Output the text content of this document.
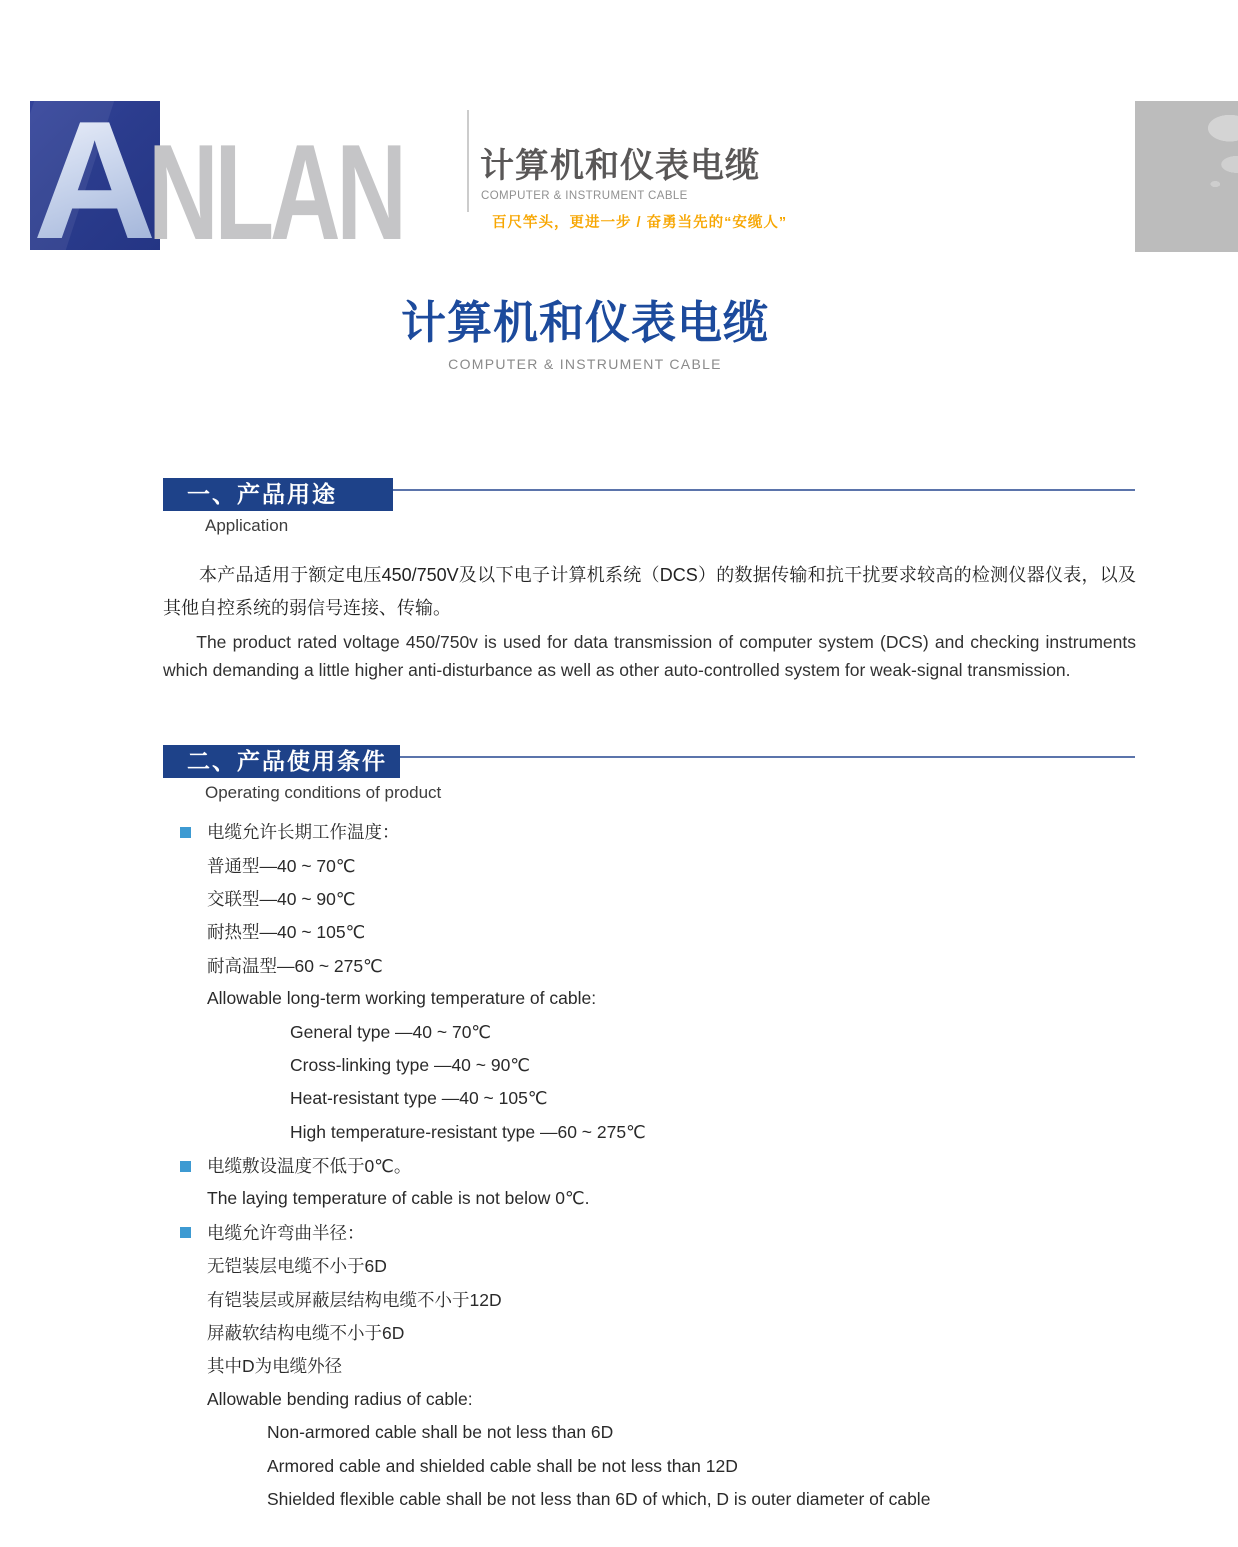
A
NLAN 计算机和仪表电缆
COMPUTER & INSTRUMENT CABLE
百尺竿头，更进一步 / 奋勇当先的“安缆人”
计算机和仪表电缆
COMPUTER & INSTRUMENT CABLE
一、产品用途
Application

本产品适用于额定电压450/750V及以下电子计算机系统（DCS）的数据传输和抗干扰要求较高的检测仪器仪表，以及其他自控系统的弱信号连接、传输。

The product rated voltage 450/750v is used for data transmission of computer system (DCS) and checking instruments which demanding a little higher anti-disturbance as well as other auto-controlled system for weak-signal transmission.

二、产品使用条件
Operating conditions of product
电缆允许长期工作温度：
普通型—40 ~ 70℃
交联型—40 ~ 90℃
耐热型—40 ~ 105℃
耐高温型—60 ~ 275℃
Allowable long-term working temperature of cable:
General type —40 ~ 70℃
Cross-linking type —40 ~ 90℃
Heat-resistant type —40 ~ 105℃
High temperature-resistant type —60 ~ 275℃
电缆敷设温度不低于0℃。
The laying temperature of cable is not below 0℃.
电缆允许弯曲半径：
无铠装层电缆不小于6D
有铠装层或屏蔽层结构电缆不小于12D
屏蔽软结构电缆不小于6D
其中D为电缆外径
Allowable bending radius of cable:
Non-armored cable shall be not less than 6D
Armored cable and shielded cable shall be not less than 12D
Shielded flexible cable shall be not less than 6D of which, D is outer diameter of cable
